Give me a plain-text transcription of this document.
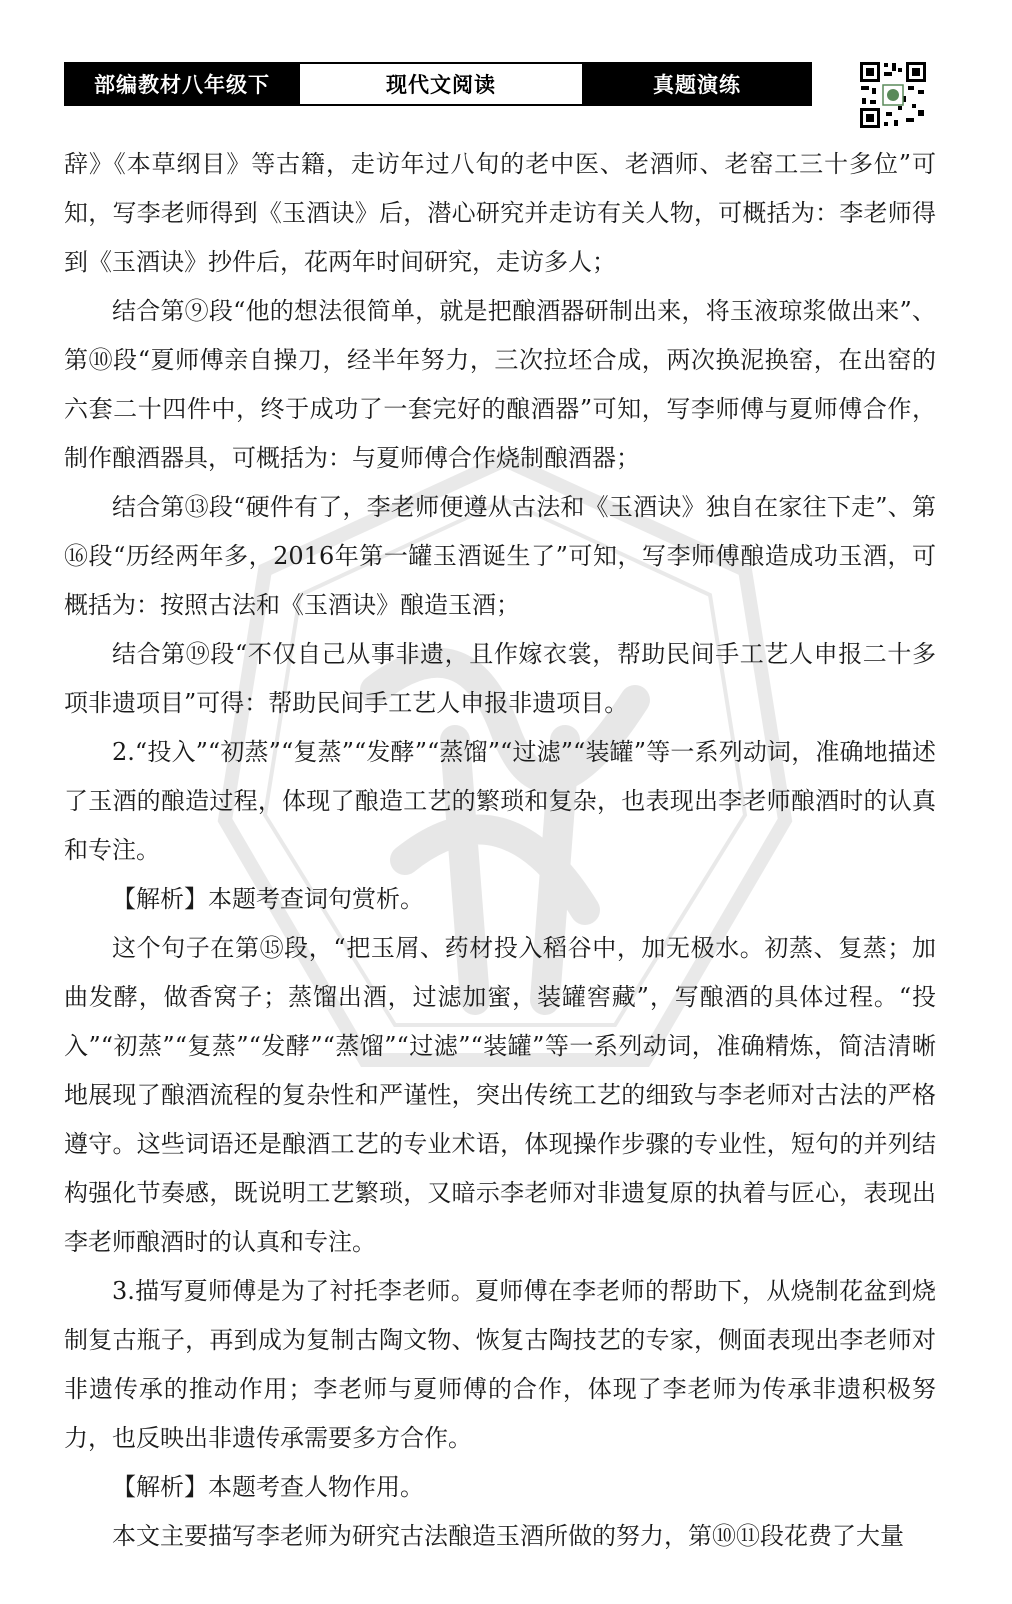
部编教材八年级下	现代文阅读	真题演练

辞》《本草纲目》等古籍，走访年过八旬的老中医、老酒师、老窑工三十多位”可知，写李老师得到《玉酒诀》后，潜心研究并走访有关人物，可概括为：李老师得到《玉酒诀》抄件后，花两年时间研究，走访多人；

结合第⑨段“他的想法很简单，就是把酿酒器研制出来，将玉液琼浆做出来”、第⑩段“夏师傅亲自操刀，经半年努力，三次拉坯合成，两次换泥换窑，在出窑的六套二十四件中，终于成功了一套完好的酿酒器”可知，写李师傅与夏师傅合作，制作酿酒器具，可概括为：与夏师傅合作烧制酿酒器；

结合第⑬段“硬件有了，李老师便遵从古法和《玉酒诀》独自在家往下走”、第⑯段“历经两年多，2016年第一罐玉酒诞生了”可知，写李师傅酿造成功玉酒，可概括为：按照古法和《玉酒诀》酿造玉酒；

结合第⑲段“不仅自己从事非遗，且作嫁衣裳，帮助民间手工艺人申报二十多项非遗项目”可得：帮助民间手工艺人申报非遗项目。

2.“投入”“初蒸”“复蒸”“发酵”“蒸馏”“过滤”“装罐”等一系列动词，准确地描述了玉酒的酿造过程，体现了酿造工艺的繁琐和复杂，也表现出李老师酿酒时的认真和专注。

【解析】本题考查词句赏析。

这个句子在第⑮段，“把玉屑、药材投入稻谷中，加无极水。初蒸、复蒸；加曲发酵，做香窝子；蒸馏出酒，过滤加蜜，装罐窖藏”，写酿酒的具体过程。“投入”“初蒸”“复蒸”“发酵”“蒸馏”“过滤”“装罐”等一系列动词，准确精炼，简洁清晰地展现了酿酒流程的复杂性和严谨性，突出传统工艺的细致与李老师对古法的严格遵守。这些词语还是酿酒工艺的专业术语，体现操作步骤的专业性，短句的并列结构强化节奏感，既说明工艺繁琐，又暗示李老师对非遗复原的执着与匠心，表现出李老师酿酒时的认真和专注。

3.描写夏师傅是为了衬托李老师。夏师傅在李老师的帮助下，从烧制花盆到烧制复古瓶子，再到成为复制古陶文物、恢复古陶技艺的专家，侧面表现出李老师对非遗传承的推动作用；李老师与夏师傅的合作，体现了李老师为传承非遗积极努力，也反映出非遗传承需要多方合作。

【解析】本题考查人物作用。

本文主要描写李老师为研究古法酿造玉酒所做的努力，第⑩⑪段花费了大量
